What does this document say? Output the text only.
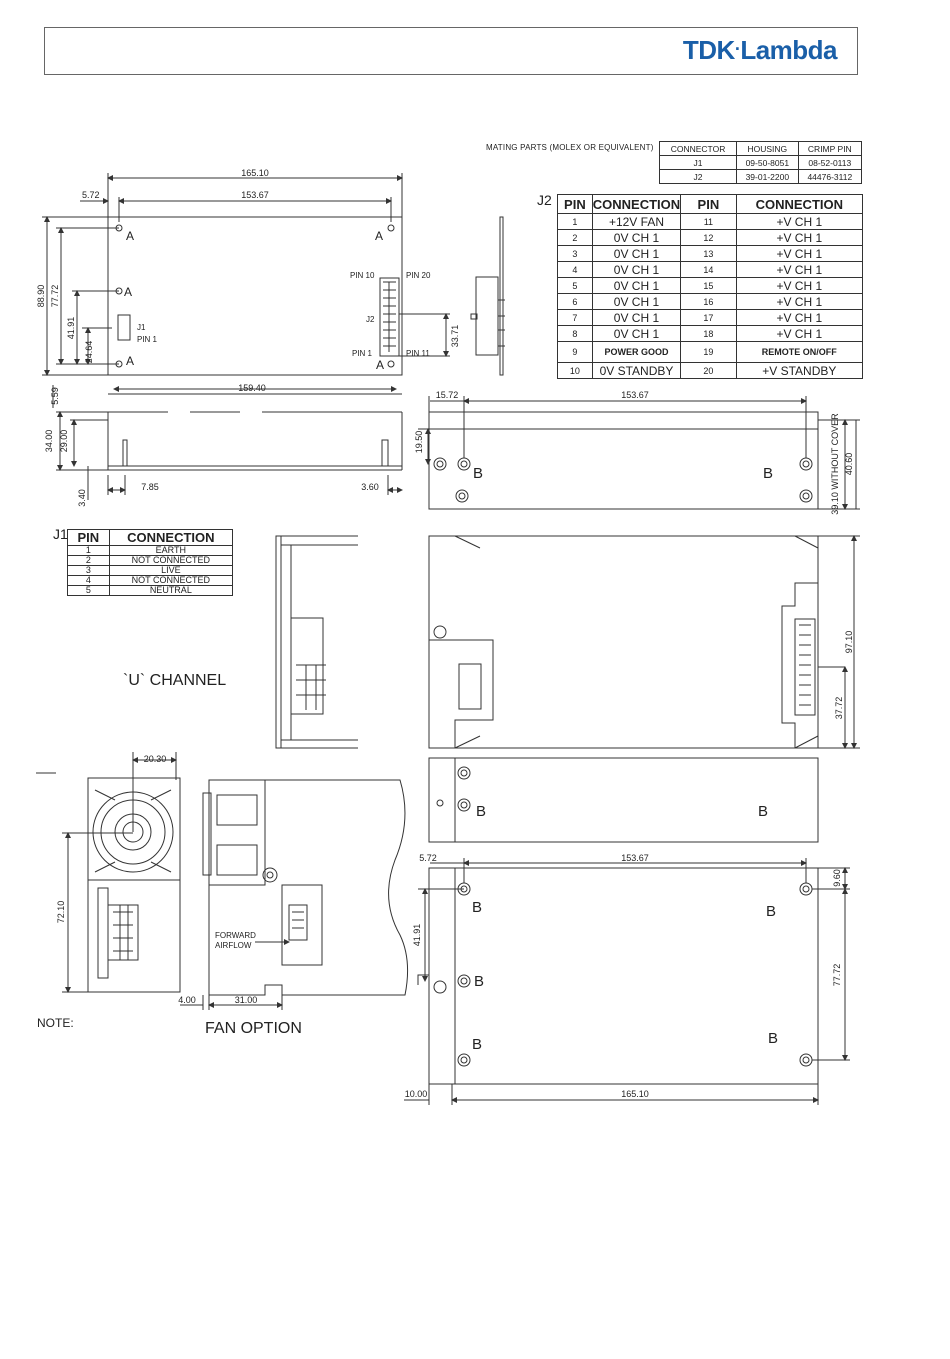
TDK·Lambda
MATING PARTS (MOLEX OR EQUIVALENT) CONNECTOR	HOUSING	CRIMP PIN
J1	09-50-8051	08-52-0113
J2	39-01-2200	44476-3112
J2 PIN	CONNECTION	PIN	CONNECTION
1	+12V FAN	11	+V CH 1
2	0V CH 1	12	+V CH 1
3	0V CH 1	13	+V CH 1
4	0V CH 1	14	+V CH 1
5	0V CH 1	15	+V CH 1
6	0V CH 1	16	+V CH 1
7	0V CH 1	17	+V CH 1
8	0V CH 1	18	+V CH 1
9	POWER GOOD	19	REMOTE ON/OFF
10	0V STANDBY	20	+V STANDBY
J1 PIN	CONNECTION
1	EARTH
2	NOT CONNECTED
3	LIVE
4	NOT CONNECTED
5	NEUTRAL
165.10
153.67
5.72
88.90 77.72
41.91
24.64
33.71
5.59
PIN 10	PIN 20
J2
PIN 1	PIN 11
J1
PIN 1
A	A
A
A	A
159.40
34.00 29.00
7.85	3.60
3.40
15.72	153.67
19.50	39.10 WITHOUT COVER 40.60
B	B
97.10
37.72
B	B
5.72	153.67
9.60
41.91
77.72
10.00	165.10
B	B
B
B	B
`U` CHANNEL
20.30
72.10
4.00	31.00
FORWARD
AIRFLOW
FAN OPTION
NOTE:
